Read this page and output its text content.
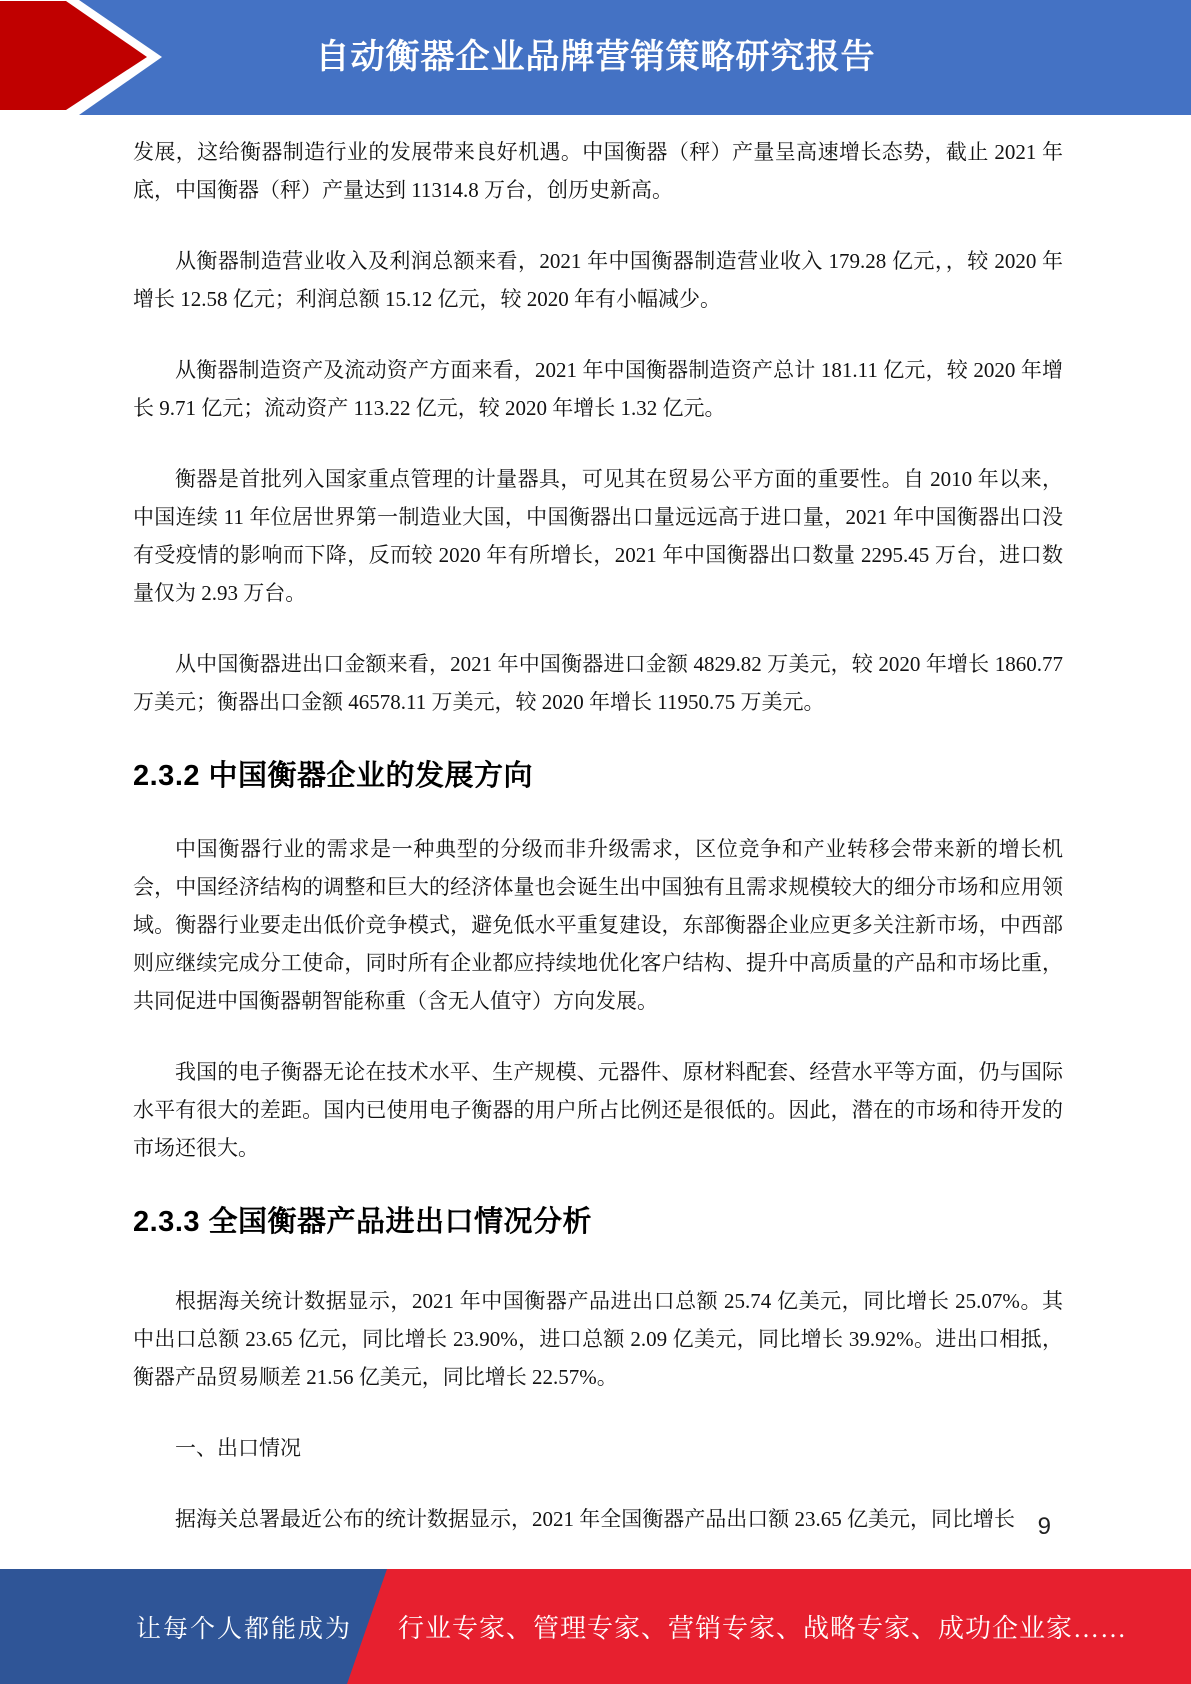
自动衡器企业品牌营销策略研究报告

发展，这给衡器制造行业的发展带来良好机遇。中国衡器（秤）产量呈高速增长态势，截止 2021 年底，中国衡器（秤）产量达到 11314.8 万台，创历史新高。

从衡器制造营业收入及利润总额来看，2021 年中国衡器制造营业收入 179.28 亿元，，较 2020 年增长 12.58 亿元；利润总额 15.12 亿元，较 2020 年有小幅减少。

从衡器制造资产及流动资产方面来看，2021 年中国衡器制造资产总计 181.11 亿元，较 2020 年增长 9.71 亿元；流动资产 113.22 亿元，较 2020 年增长 1.32 亿元。

衡器是首批列入国家重点管理的计量器具，可见其在贸易公平方面的重要性。自 2010 年以来，中国连续 11 年位居世界第一制造业大国，中国衡器出口量远远高于进口量，2021 年中国衡器出口没有受疫情的影响而下降，反而较 2020 年有所增长，2021 年中国衡器出口数量 2295.45 万台，进口数量仅为 2.93 万台。

从中国衡器进出口金额来看，2021 年中国衡器进口金额 4829.82 万美元，较 2020 年增长 1860.77 万美元；衡器出口金额 46578.11 万美元，较 2020 年增长 11950.75 万美元。

2.3.2 中国衡器企业的发展方向

中国衡器行业的需求是一种典型的分级而非升级需求，区位竞争和产业转移会带来新的增长机会，中国经济结构的调整和巨大的经济体量也会诞生出中国独有且需求规模较大的细分市场和应用领域。衡器行业要走出低价竞争模式，避免低水平重复建设，东部衡器企业应更多关注新市场，中西部则应继续完成分工使命，同时所有企业都应持续地优化客户结构、提升中高质量的产品和市场比重，共同促进中国衡器朝智能称重（含无人值守）方向发展。

我国的电子衡器无论在技术水平、生产规模、元器件、原材料配套、经营水平等方面，仍与国际水平有很大的差距。国内已使用电子衡器的用户所占比例还是很低的。因此，潜在的市场和待开发的市场还很大。

2.3.3 全国衡器产品进出口情况分析

根据海关统计数据显示，2021 年中国衡器产品进出口总额 25.74 亿美元，同比增长 25.07%。其中出口总额 23.65 亿元，同比增长 23.90%，进口总额 2.09 亿美元，同比增长 39.92%。进出口相抵，衡器产品贸易顺差 21.56 亿美元，同比增长 22.57%。

一、出口情况

据海关总署最近公布的统计数据显示，2021 年全国衡器产品出口额 23.65 亿美元，同比增长 9
让每个人都能成为 行业专家、管理专家、营销专家、战略专家、成功企业家……
